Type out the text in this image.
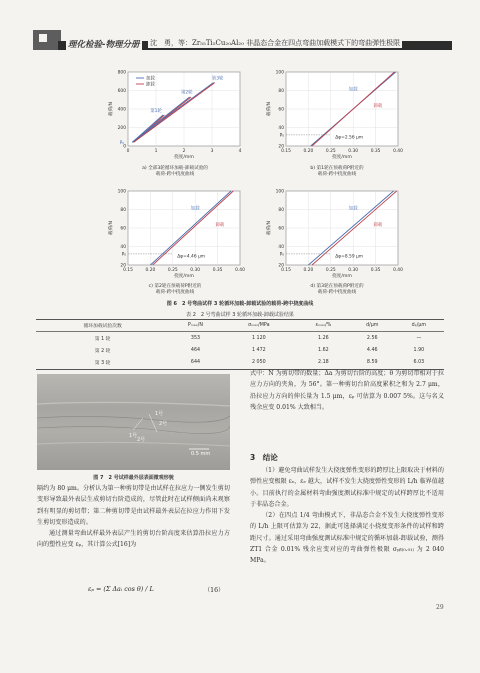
理化检验-物理分册 沈　勇，等：Zr₅₅Ti₅Cu₂₀Al₂₀ 非晶态合金在四点弯曲加载模式下的弯曲弹性极限
0	1	2	3	4
0
200
400
600
800
挠度/mm
载荷/N
加载
卸载
第1轮
第2轮
第3轮
P₀
a) 全部3轮循环加载-卸载试验的
载荷-跨中挠度曲线
0.15	0.20	0.25	0.30	0.35	0.40
20
40
60
80
100
挠度/mm
载荷/N
加载
卸载
P₀	Δφ=2.56 μm
b) 第1轮在预载荷P附近的
载荷-跨中挠度曲线
0.15	0.20	0.25	0.30	0.35	0.40
20
40
60
80
100
挠度/mm
载荷/N
加载
卸载
P₀	Δφ=4.46 μm
c) 第2轮在预载荷P附近的
载荷-跨中挠度曲线
0.15	0.20	0.25	0.30	0.35	0.40
20
40
60
80
100
挠度/mm
载荷/N
加载
卸载
P₀	Δφ=8.59 μm
d) 第3轮在预载荷P附近的
载荷-跨中挠度曲线
图 6　2 号弯曲试样 3 轮循环加载-卸载试验的载荷-跨中挠度曲线
表 2　2 号弯曲试样 3 轮循环加载-卸载试验结果
循环加载试验次数	Pₘₐₓ/N	σₘₐₓ/MPa	εₘₐₓ/%	d/μm	dₚ/μm
第 1 轮	353	1 120	1.26	2.56	—
第 2 轮	464	1 472	1.62	4.46	1.90
第 3 轮	644	2 050	2.18	8.59	6.03
1号
2号
1号
2号
0.5 mm
图 7　2 号试样最外层表面微观形貌

隔约为 80 μm。分析认为第一种剪切带是由试样在拉应力一侧发生剪切变形导致最外表层生成剪切台阶造成的，尽管此时在试样侧面尚未观察到有明显的剪切带；第二种剪切带是由试样最外表层在拉应力作用下发生剪切变形造成的。

通过测量弯曲试样最外表层产生的剪切台阶高度来估算沿拉应力方向的塑性应变 εₚ，其计算公式[16]为

εₚ = (Σ Δaᵢ cos θ) / L	（16）

式中：N 为剪切带的数量；Δa 为剪切台阶的高度；θ 为剪切带相对于拉应力方向的夹角，为 56°。第一种剪切台阶高度累积之和为 2.7 μm，沿拉应力方向的伸长量为 1.5 μm，εₚ 可估算为 0.007 5%。这与名义残余应变 0.01% 大致相当。

3　结论

（1）避免弯曲试样发生大挠度弹性变形的跨厚比上限取决于材料的弹性应变极限 εₑ，εₑ 越大，试样不发生大挠度弹性变形的 L/h 临界值越小。目前执行的金属材料弯曲强度测试标准中规定的试样跨厚比不适用于非晶态合金。

（2）在四点 1/4 弯曲模式下，非晶态合金不发生大挠度弹性变形的 L/h 上限可估算为 22，据此可选择满足小挠度变形条件的试样和跨距尺寸。通过采用弯曲强度测试标准中规定的循环加载-卸载试验，测得 ZT1 合金 0.01% 残余应变对应的弯曲弹性极限 σₚᵦ₍₀.₀₁₎ 为 2 040 MPa。

29
